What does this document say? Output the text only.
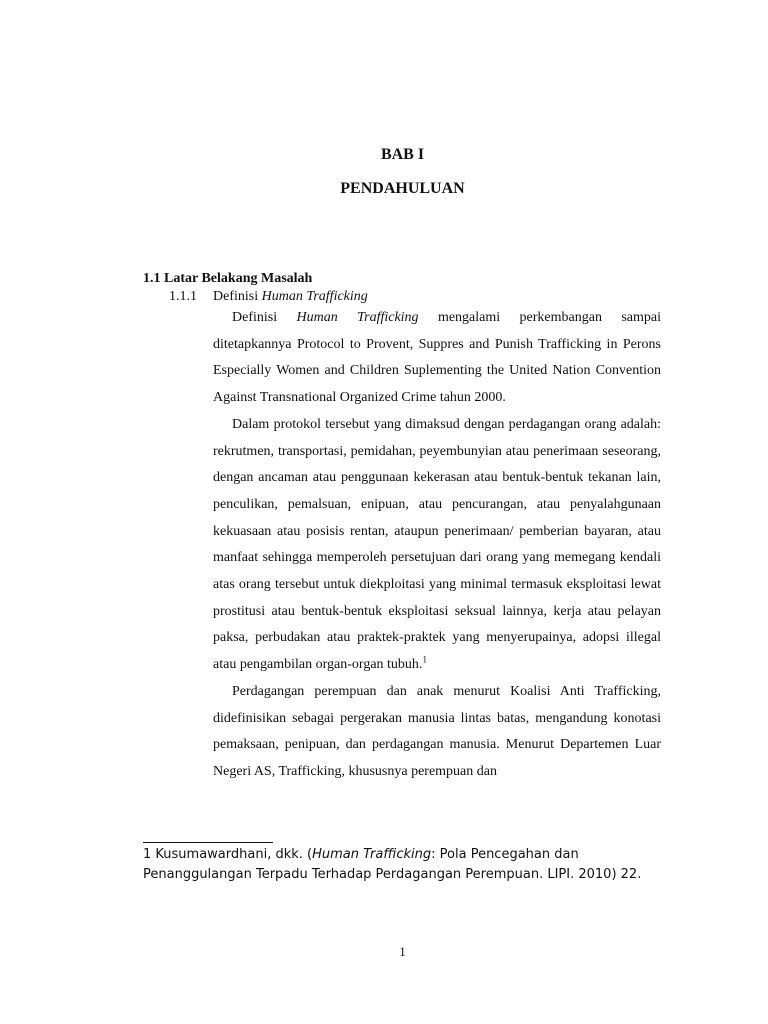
BAB I
PENDAHULUAN
1.1 Latar Belakang Masalah
1.1.1 Definisi Human Trafficking

Definisi Human Trafficking mengalami perkembangan sampai ditetapkannya Protocol to Provent, Suppres and Punish Trafficking in Perons Especially Women and Children Suplementing the United Nation Convention Against Transnational Organized Crime tahun 2000.

Dalam protokol tersebut yang dimaksud dengan perdagangan orang adalah: rekrutmen, transportasi, pemidahan, peyembunyian atau penerimaan seseorang, dengan ancaman atau penggunaan kekerasan atau bentuk-bentuk tekanan lain, penculikan, pemalsuan, enipuan, atau pencurangan, atau penyalahgunaan kekuasaan atau posisis rentan, ataupun penerimaan/ pemberian bayaran, atau manfaat sehingga memperoleh persetujuan dari orang yang memegang kendali atas orang tersebut untuk diekploitasi yang minimal termasuk eksploitasi lewat prostitusi atau bentuk-bentuk eksploitasi seksual lainnya, kerja atau pelayan paksa, perbudakan atau praktek-praktek yang menyerupainya, adopsi illegal atau pengambilan organ-organ tubuh.$^1$

Perdagangan perempuan dan anak menurut Koalisi Anti Trafficking, didefinisikan sebagai pergerakan manusia lintas batas, mengandung konotasi pemaksaan, penipuan, dan perdagangan manusia. Menurut Departemen Luar Negeri AS, Trafficking, khususnya perempuan dan

1 Kusumawardhani, dkk. (Human Trafficking: Pola Pencegahan dan Penanggulangan Terpadu Terhadap Perdagangan Perempuan. LIPI. 2010) 22.
1
